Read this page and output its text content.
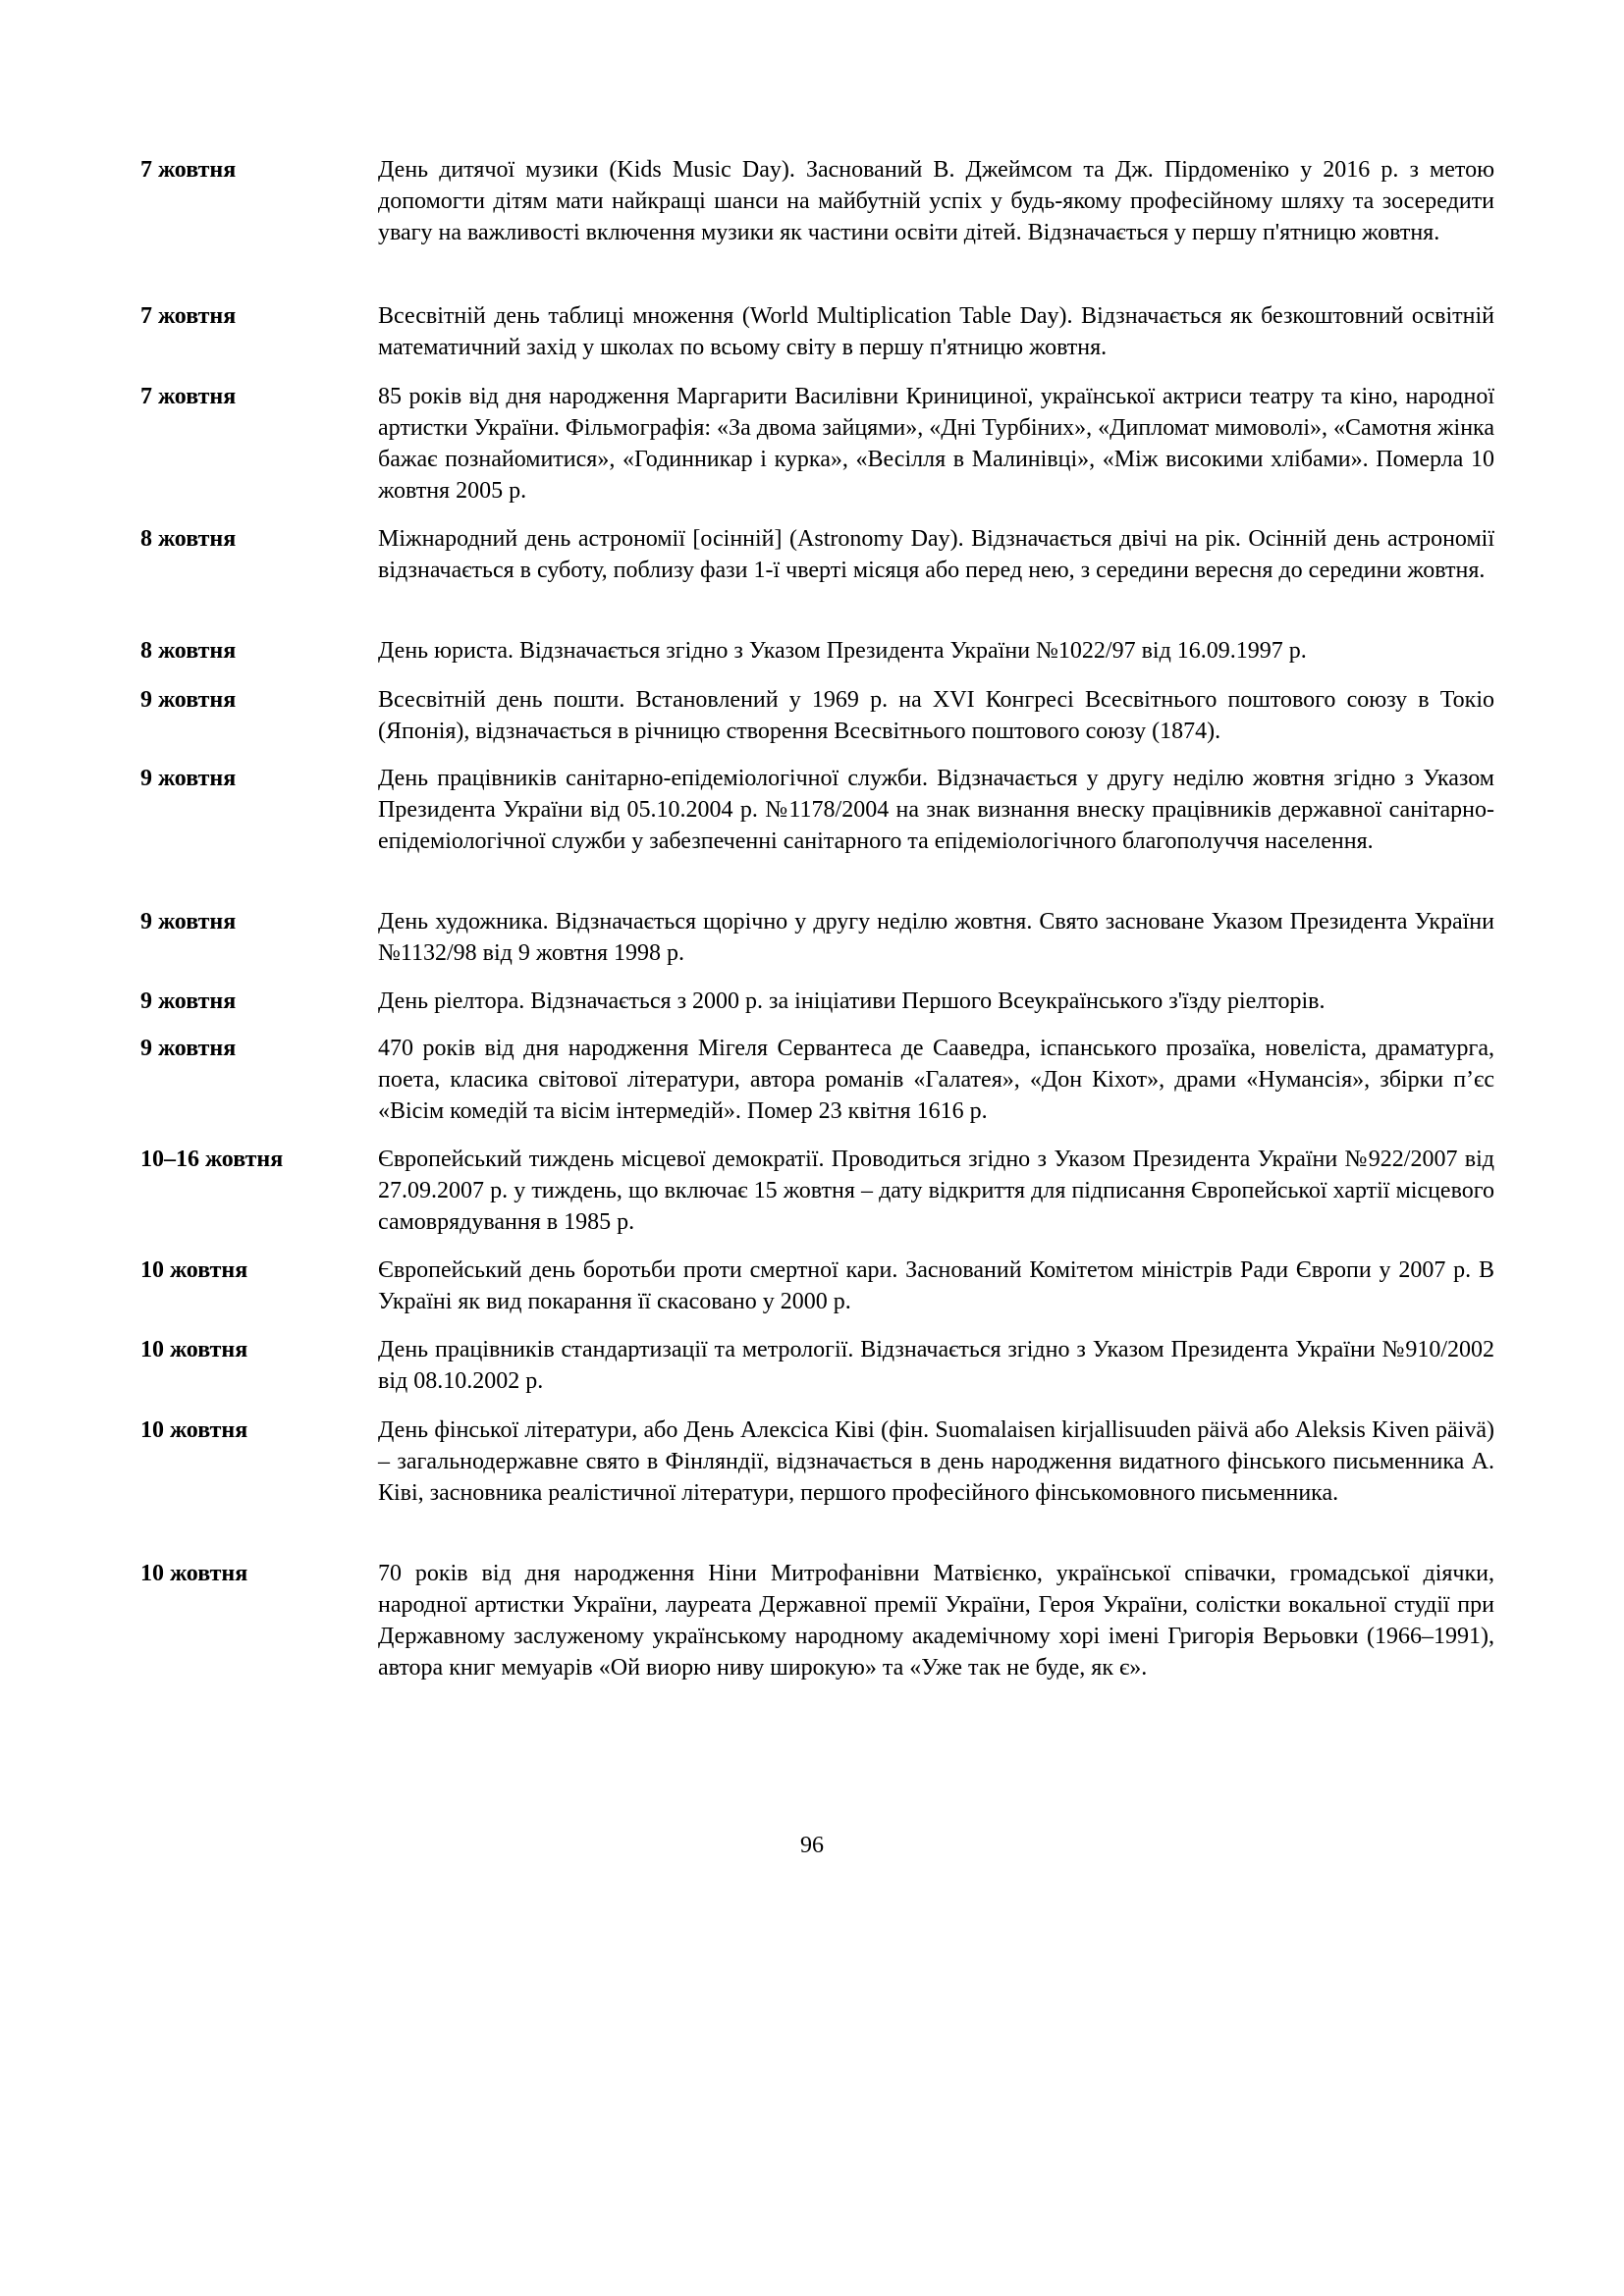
7 жовтня	День дитячої музики (Kids Music Day). Заснований В. Джеймсом та Дж. Пірдоменіко у 2016 р. з метою допомогти дітям мати найкращі шанси на майбутній успіх у будь-якому професійному шляху та зосередити увагу на важливості включення музики як частини освіти дітей. Відзначається у першу п'ятницю жовтня.
7 жовтня	Всесвітній день таблиці множення (World Multiplication Table Day). Відзначається як безкоштовний освітній математичний захід у школах по всьому світу в першу п'ятницю жовтня.
7 жовтня	85 років від дня народження Маргарити Василівни Кринициної, української актриси театру та кіно, народної артистки України. Фільмографія: «За двома зайцями», «Дні Турбіних», «Дипломат мимоволі», «Самотня жінка бажає познайомитися», «Годинникар і курка», «Весілля в Малинівці», «Між високими хлібами». Померла 10 жовтня 2005 р.
8 жовтня	Міжнародний день астрономії [осінній] (Astronomy Day). Відзначається двічі на рік. Осінній день астрономії відзначається в суботу, поблизу фази 1-ї чверті місяця або перед нею, з середини вересня до середини жовтня.
8 жовтня	День юриста. Відзначається згідно з Указом Президента України №1022/97 від 16.09.1997 р.
9 жовтня	Всесвітній день пошти. Встановлений у 1969 р. на XVI Конгресі Всесвітнього поштового союзу в Токіо (Японія), відзначається в річницю створення Всесвітнього поштового союзу (1874).
9 жовтня	День працівників санітарно-епідеміологічної служби. Відзначається у другу неділю жовтня згідно з Указом Президента України від 05.10.2004 р. №1178/2004 на знак визнання внеску працівників державної санітарно-епідеміологічної служби у забезпеченні санітарного та епідеміологічного благополуччя населення.
9 жовтня	День художника. Відзначається щорічно у другу неділю жовтня. Свято засноване Указом Президента України №1132/98 від 9 жовтня 1998 р.
9 жовтня	День ріелтора. Відзначається з 2000 р. за ініціативи Першого Всеукраїнського з'їзду ріелторів.
9 жовтня	470 років від дня народження Мігеля Сервантеса де Сааведра, іспанського прозаїка, новеліста, драматурга, поета, класика світової літератури, автора романів «Галатея», «Дон Кіхот», драми «Нумансія», збірки п’єс «Вісім комедій та вісім інтермедій». Помер 23 квітня 1616 р.
10–16 жовтня	Європейський тиждень місцевої демократії. Проводиться згідно з Указом Президента України №922/2007 від 27.09.2007 р. у тиждень, що включає 15 жовтня – дату відкриття для підписання Європейської хартії місцевого самоврядування в 1985 р.
10 жовтня	Європейський день боротьби проти смертної кари. Заснований Комітетом міністрів Ради Європи у 2007 р. В Україні як вид покарання її скасовано у 2000 р.
10 жовтня	День працівників стандартизації та метрології. Відзначається згідно з Указом Президента України №910/2002 від 08.10.2002 р.
10 жовтня	День фінської літератури, або День Алексіса Ківі (фін. Suomalaisen kirjallisuuden päivä або Aleksis Kiven päivä) – загальнодержавне свято в Фінляндії, відзначається в день народження видатного фінського письменника А. Ківі, засновника реалістичної літератури, першого професійного фінськомовного письменника.
10 жовтня	70 років від дня народження Ніни Митрофанівни Матвієнко, української співачки, громадської діячки, народної артистки України, лауреата Державної премії України, Героя України, солістки вокальної студії при Державному заслуженому українському народному академічному хорі імені Григорія Верьовки (1966–1991), автора книг мемуарів «Ой виорю ниву широкую» та «Уже так не буде, як є».
96
